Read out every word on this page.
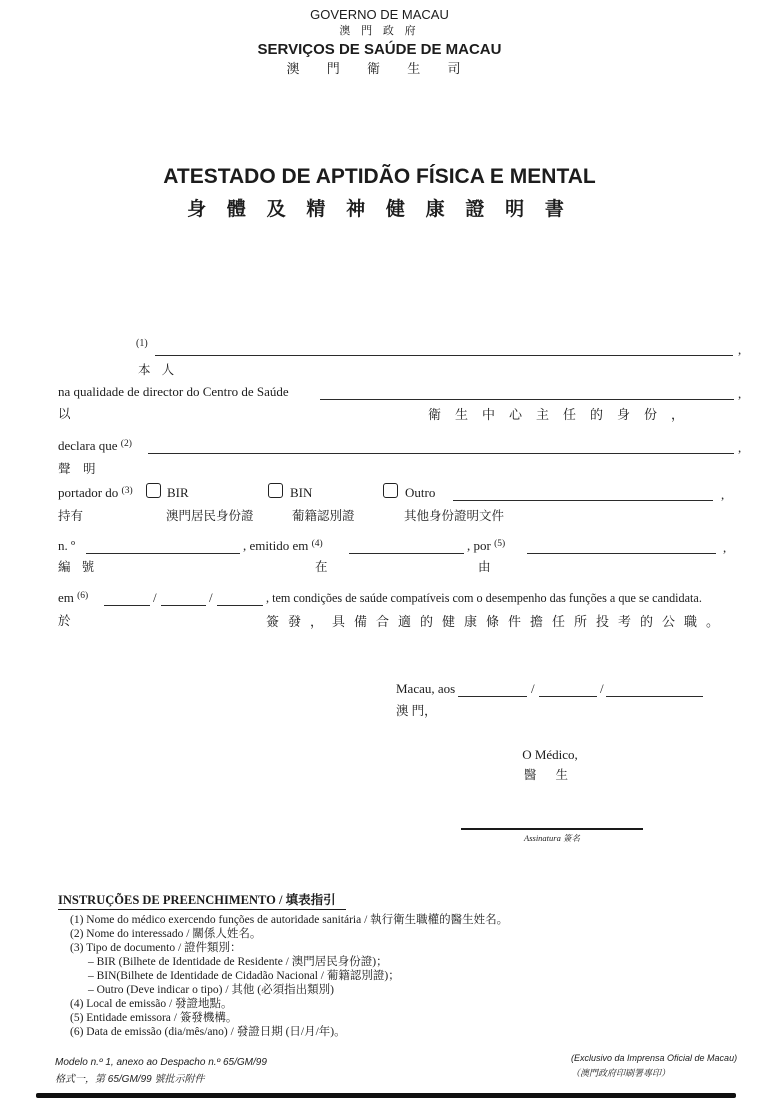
GOVERNO DE MACAU
澳 門 政 府
SERVIÇOS DE SAÚDE DE MACAU
澳 門 衛 生 司
ATESTADO DE APTIDÃO FÍSICA E MENTAL
身 體 及 精 神 健 康 證 明 書
(1)	,
本 人
na qualidade de director do Centro de Saúde	,
以	衛生中心主任的身份，
declara que $^{(2)}$	,
聲　明
portador do $^{(3)}$	BIR	BIN	Outro	,
持有	澳門居民身份證	葡籍認別證	其他身份證明文件
n. º	, emitido em $^{(4)}$	, por $^{(5)}$	,
編 號	在	由
em $^{(6)}$	/	/	, tem condições de saúde compatíveis com o desempenho das funções a que se candidata.
於	簽發，具備合適的健康條件擔任所投考的公職。
Macau, aos	/	/
澳 門，
O Médico,
醫 生
Assinatura 簽名
INSTRUÇÕES DE PREENCHIMENTO / 填表指引
(1) Nome do médico exercendo funções de autoridade sanitária / 執行衛生職權的醫生姓名。
(2) Nome do interessado / 關係人姓名。
(3) Tipo de documento / 證件類別：
– BIR (Bilhete de Identidade de Residente / 澳門居民身份證)；
– BIN(Bilhete de Identidade de Cidadão Nacional / 葡籍認別證)；
– Outro (Deve indicar o tipo) / 其他 (必須指出類別)
(4) Local de emissão / 發證地點。
(5) Entidade emissora / 簽發機構。
(6) Data de emissão (dia/mês/ano) / 發證日期 (日/月/年)。
Modelo n.º 1, anexo ao Despacho n.º 65/GM/99
格式一，第 65/GM/99 號批示附件
(Exclusivo da Imprensa Oficial de Macau)
（澳門政府印刷署專印）
